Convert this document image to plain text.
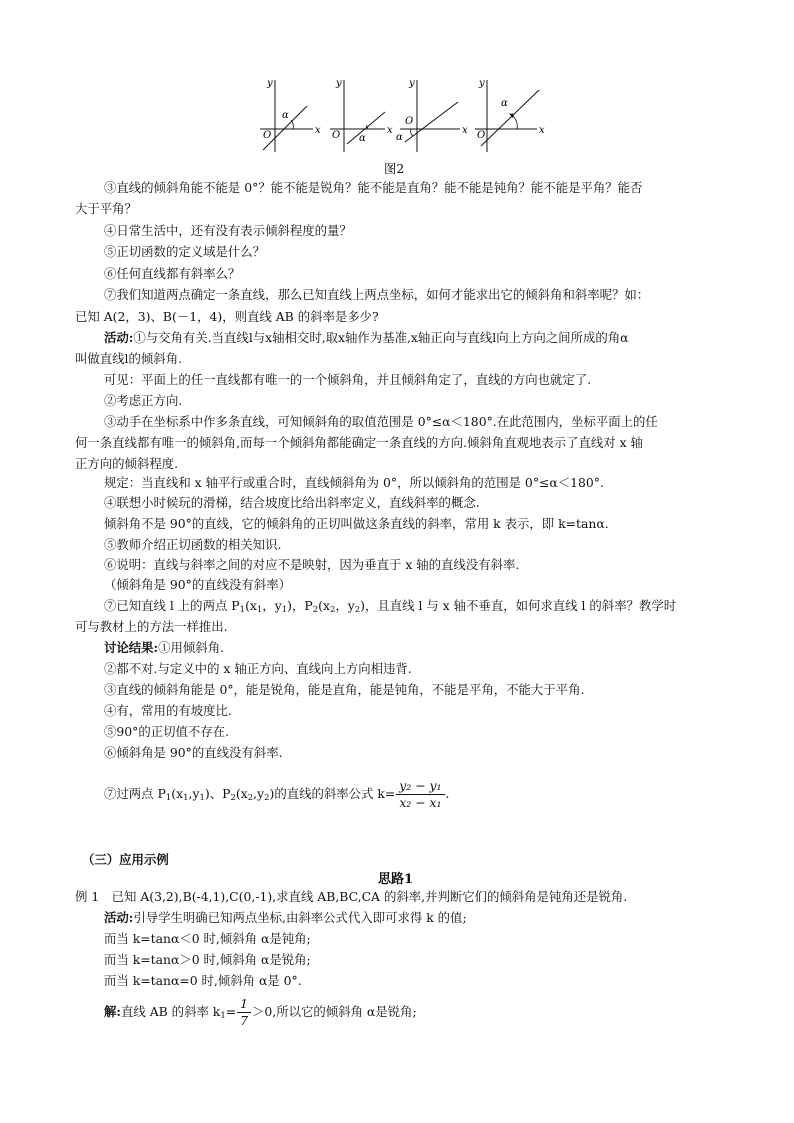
y
x
O
α
y
x
O α
y
x
O
α
y
x
O
α
图2
③直线的倾斜角能不能是 0°？能不能是锐角？能不能是直角？能不能是钝角？能不能是平角？能否
大于平角？
④日常生活中，还有没有表示倾斜程度的量？
⑤正切函数的定义域是什么？
⑥任何直线都有斜率么？
⑦我们知道两点确定一条直线，那么已知直线上两点坐标，如何才能求出它的倾斜角和斜率呢？如：
已知 A(2，3)、B(－1，4)，则直线 AB 的斜率是多少?
活动:①与交角有关.当直线l与x轴相交时,取x轴作为基准,x轴正向与直线l向上方向之间所成的角α
叫做直线l的倾斜角.
可见：平面上的任一直线都有唯一的一个倾斜角，并且倾斜角定了，直线的方向也就定了.
②考虑正方向.
③动手在坐标系中作多条直线，可知倾斜角的取值范围是 0°≤α＜180°.在此范围内，坐标平面上的任
何一条直线都有唯一的倾斜角,而每一个倾斜角都能确定一条直线的方向.倾斜角直观地表示了直线对 x 轴
正方向的倾斜程度.
规定：当直线和 x 轴平行或重合时，直线倾斜角为 0°，所以倾斜角的范围是 0°≤α＜180°.
④联想小时候玩的滑梯，结合坡度比给出斜率定义，直线斜率的概念.
倾斜角不是 90°的直线，它的倾斜角的正切叫做这条直线的斜率，常用 k 表示，即 k=tanα.
⑤教师介绍正切函数的相关知识.
⑥说明：直线与斜率之间的对应不是映射，因为垂直于 x 轴的直线没有斜率.
（倾斜角是 90°的直线没有斜率）
⑦已知直线 l 上的两点 $P_1(x_1$，$y_1$)，$P_2(x_2$，$y_2$)，且直线 l 与 x 轴不垂直，如何求直线 l 的斜率？教学时
可与教材上的方法一样推出.
讨论结果:①用倾斜角.
②都不对.与定义中的 x 轴正方向、直线向上方向相违背.
③直线的倾斜角能是 0°，能是锐角，能是直角，能是钝角，不能是平角，不能大于平角.
④有，常用的有坡度比.
⑤90°的正切值不存在.
⑥倾斜角是 90°的直线没有斜率.
⑦过两点 $P_1(x_1,y_1)$、$P_2(x_2,y_2)$的直线的斜率公式 $k= \frac{\text{y₂ − y₁}}{\text{x₂ − x₁}}$ .
（三）应用示例
思路1
例 1　已知 A(3,2),B(-4,1),C(0,-1),求直线 AB,BC,CA 的斜率,并判断它们的倾斜角是钝角还是锐角.
活动:引导学生明确已知两点坐标,由斜率公式代入即可求得 k 的值;
而当 k=tanα＜0 时,倾斜角 α是钝角;
而当 k=tanα＞0 时,倾斜角 α是锐角;
而当 k=tanα=0 时,倾斜角 α是 0°.
解:直线 AB 的斜率 $k_1= \frac{1}{7} >0$,所以它的倾斜角 α是锐角;
